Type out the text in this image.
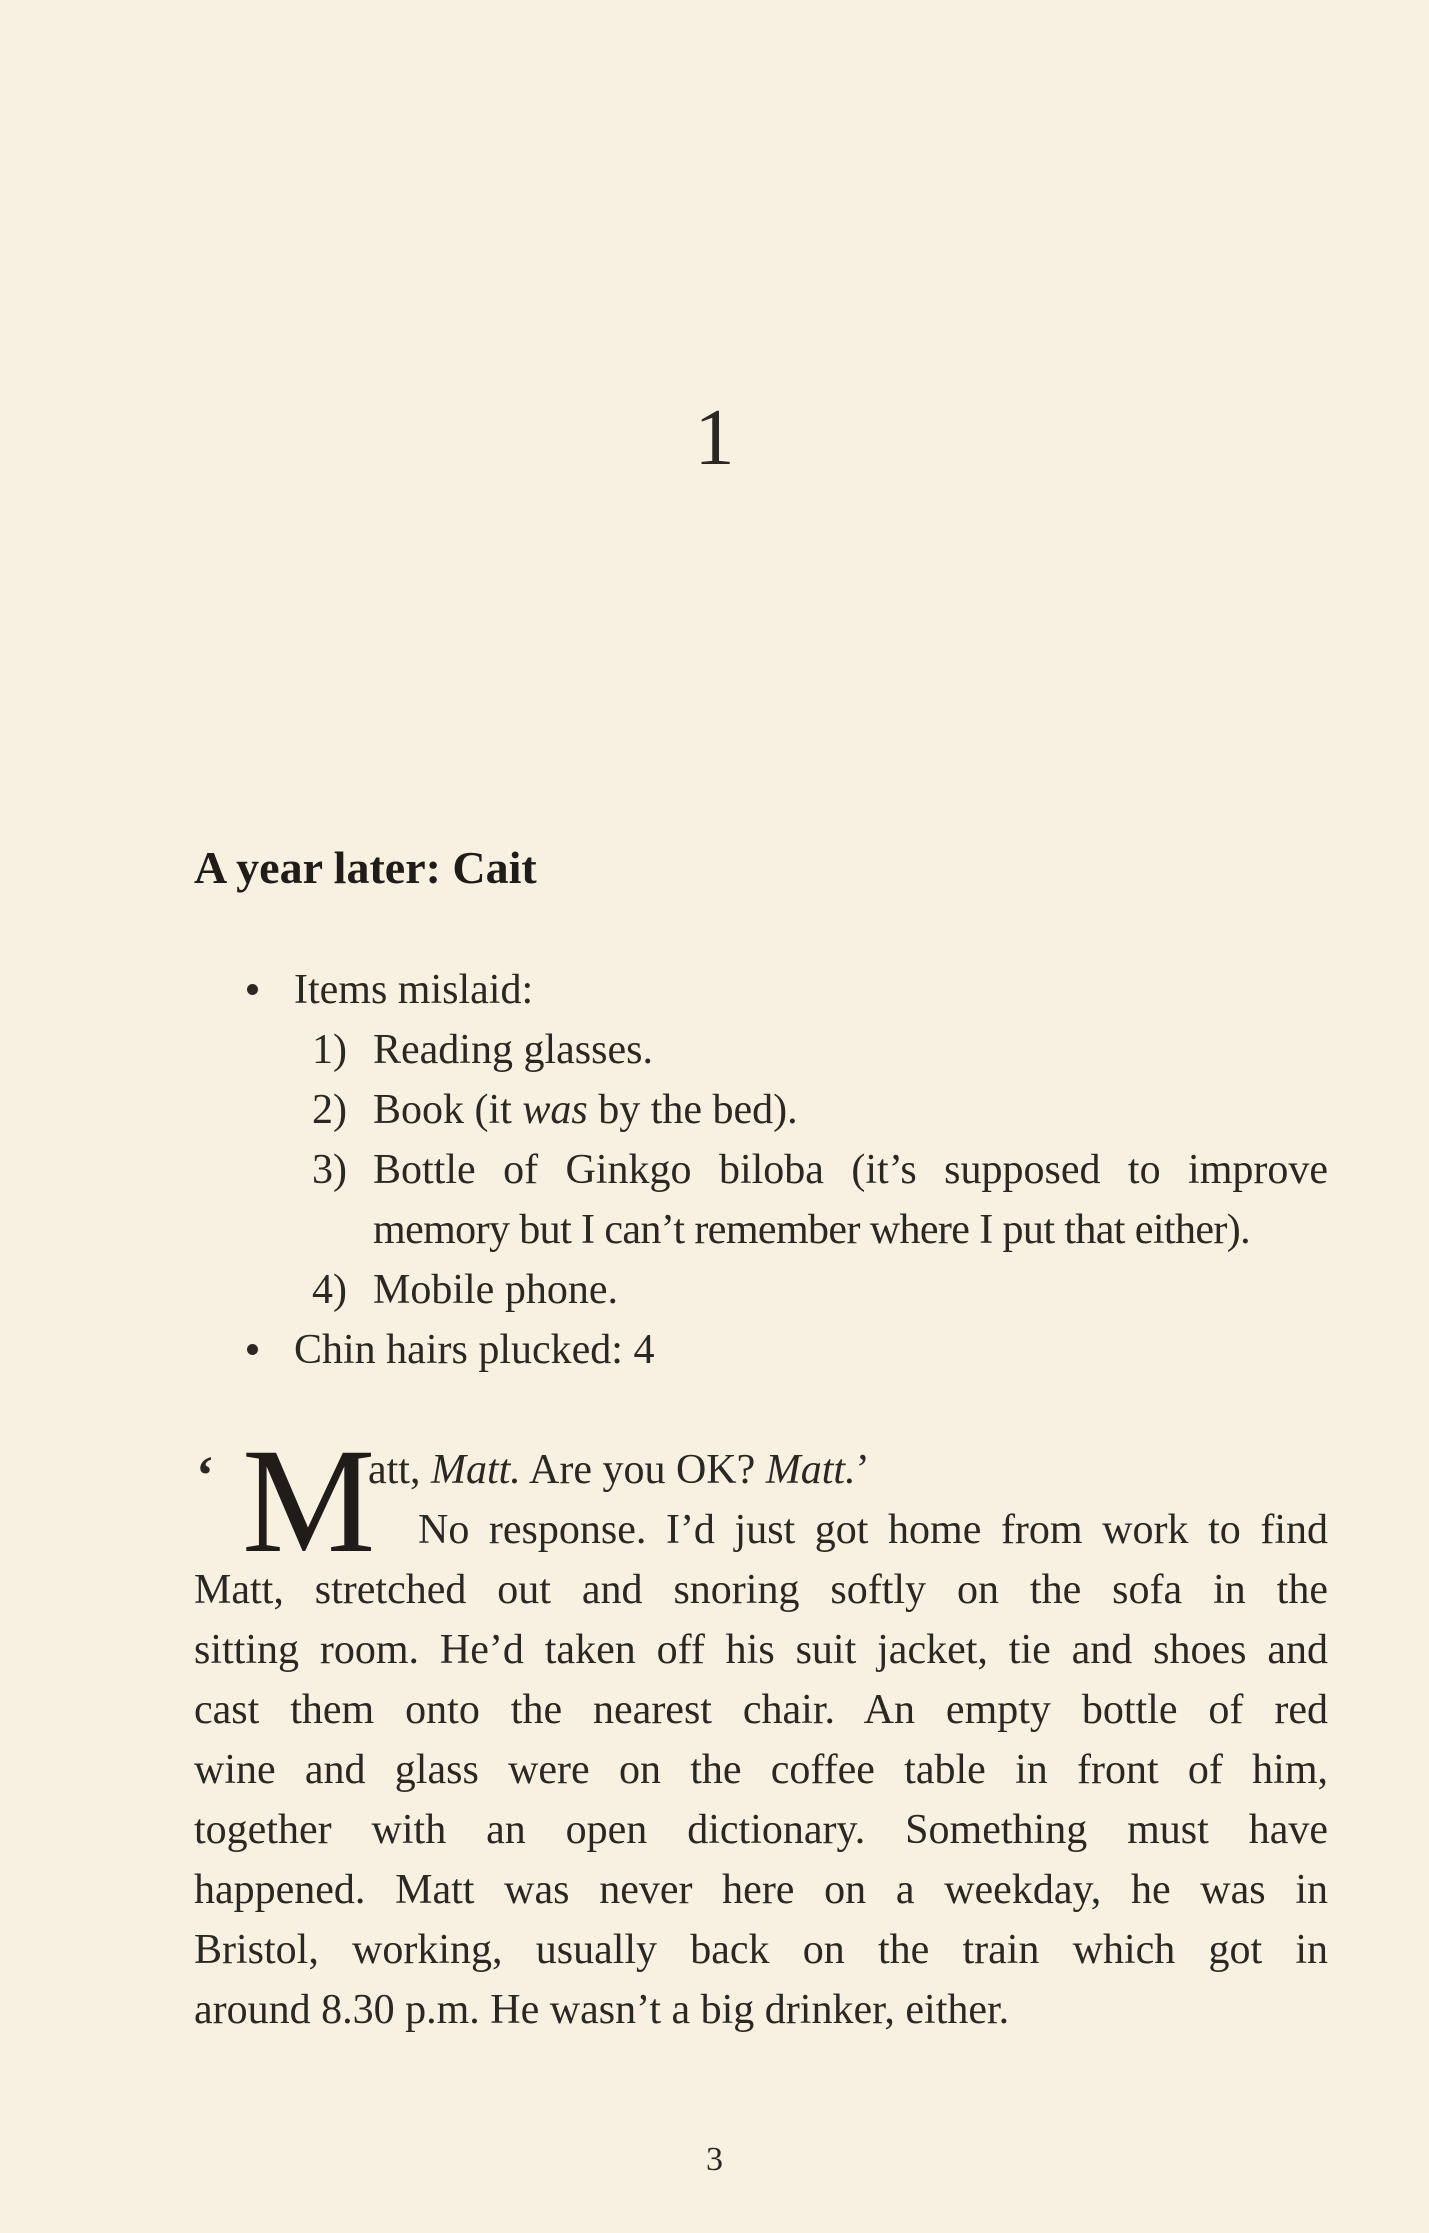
1
A year later: Cait
Items mislaid:
1) Reading glasses.
2) Book (it was by the bed).
3) Bottle of Ginkgo biloba (it’s supposed to improve
memory but I can’t remember where I put that either).
4) Mobile phone.
Chin hairs plucked: 4
‘ M
att, Matt. Are you OK? Matt.’
No response. I’d just got home from work to find
Matt, stretched out and snoring softly on the sofa in the
sitting room. He’d taken off his suit jacket, tie and shoes and
cast them onto the nearest chair. An empty bottle of red
wine and glass were on the coffee table in front of him,
together with an open dictionary. Something must have
happened. Matt was never here on a weekday, he was in
Bristol, working, usually back on the train which got in
around 8.30 p.m. He wasn’t a big drinker, either.
3
